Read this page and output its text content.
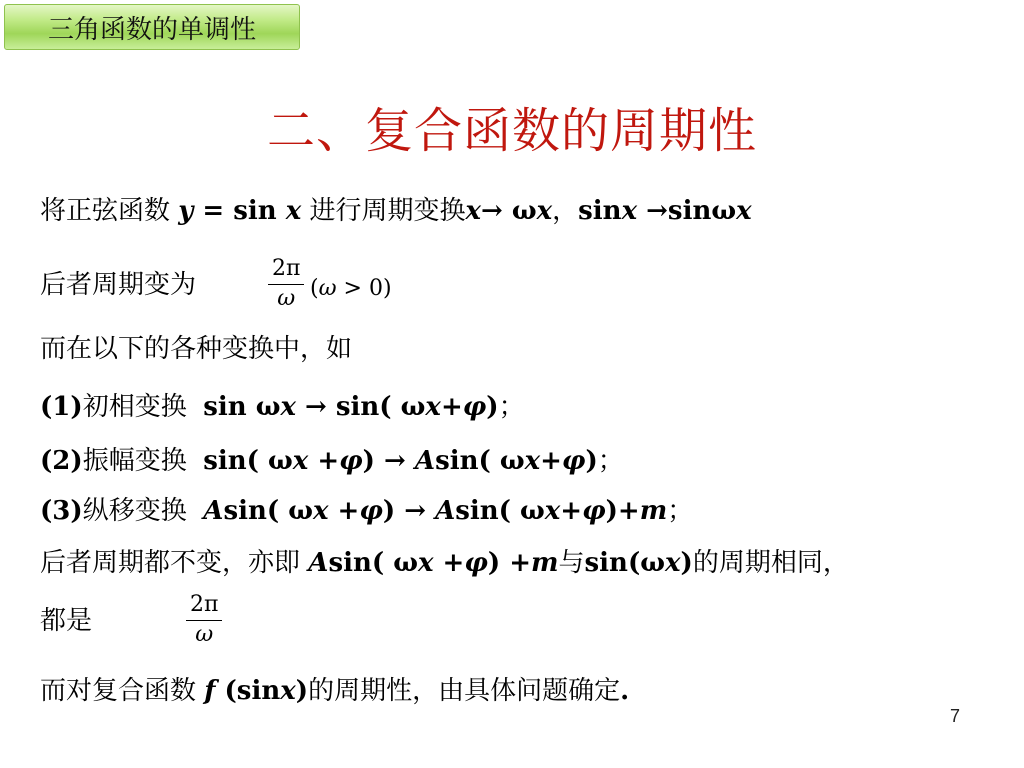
三角函数的单调性
二、复合函数的周期性
将正弦函数 y = sin x 进行周期变换x→ ωx，sinx →sinωx
后者周期变为	$\frac{2\pi}{\omega} (\omega > 0)$
而在以下的各种变换中，如
(1)初相变换 sin ωx → sin( ωx+φ)；
(2)振幅变换 sin( ωx +φ) → Asin( ωx+φ)；
(3)纵移变换 Asin( ωx +φ) → Asin( ωx+φ)+m；
后者周期都不变，亦即 Asin( ωx +φ) +m与sin(ωx)的周期相同，
都是	$\frac{2\pi}{\omega}$
而对复合函数 f (sinx)的周期性，由具体问题确定.
7
